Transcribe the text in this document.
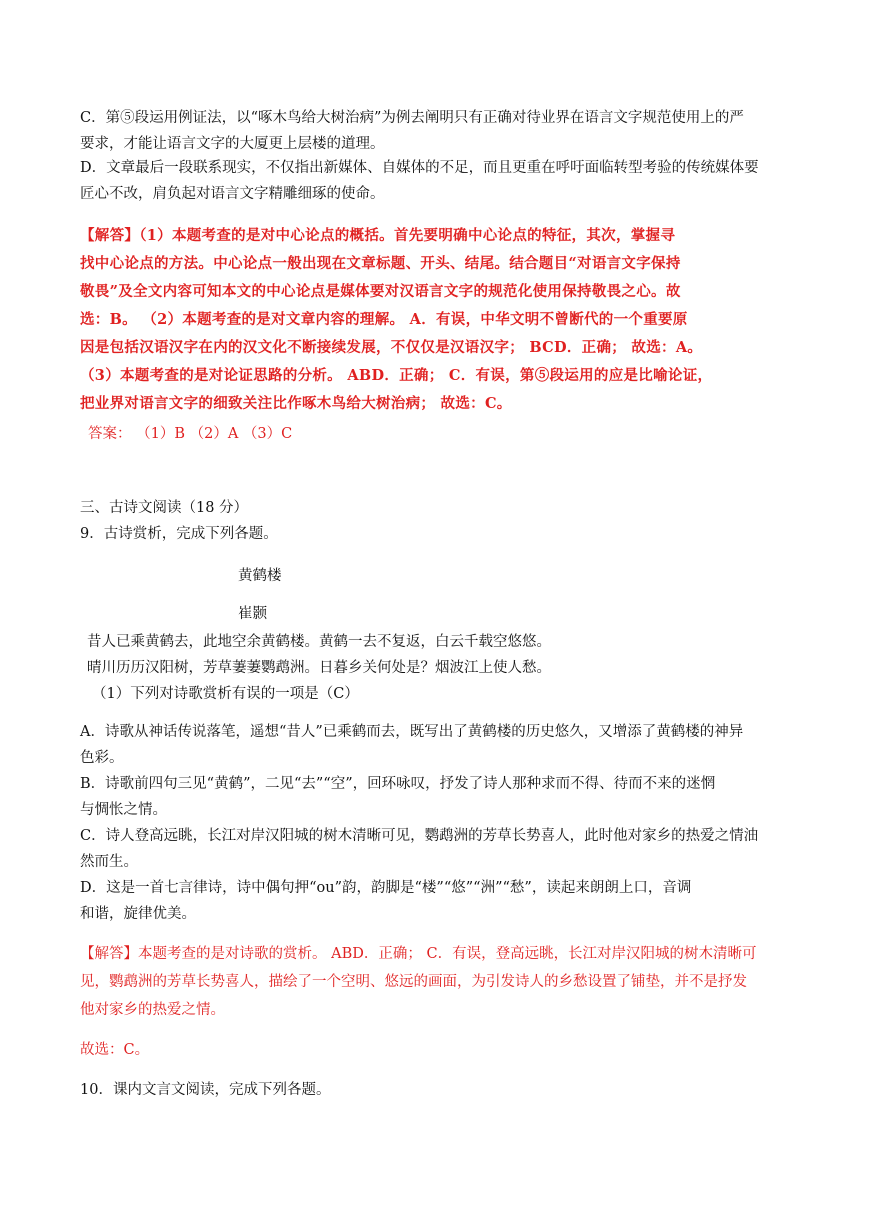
C．第⑤段运用例证法，以“啄木鸟给大树治病”为例去阐明只有正确对待业界在语言文字规范使用上的严
要求，才能让语言文字的大厦更上层楼的道理。
D．文章最后一段联系现实，不仅指出新媒体、自媒体的不足，而且更重在呼吁面临转型考验的传统媒体要
匠心不改，肩负起对语言文字精雕细琢的使命。
【解答】（1）本题考查的是对中心论点的概括。首先要明确中心论点的特征，其次，掌握寻
找中心论点的方法。中心论点一般出现在文章标题、开头、结尾。结合题目“对语言文字保持
敬畏”及全文内容可知本文的中心论点是媒体要对汉语言文字的规范化使用保持敬畏之心。故
选：B。 （2）本题考查的是对文章内容的理解。 A．有误，中华文明不曾断代的一个重要原
因是包括汉语汉字在内的汉文化不断接续发展，不仅仅是汉语汉字； BCD．正确； 故选：A。
（3）本题考查的是对论证思路的分析。 ABD．正确； C．有误，第⑤段运用的应是比喻论证，
把业界对语言文字的细致关注比作啄木鸟给大树治病； 故选：C。
答案： （1）B （2）A （3）C
三、古诗文阅读（18 分）
9．古诗赏析，完成下列各题。
黄鹤楼
崔颢
昔人已乘黄鹤去，此地空余黄鹤楼。黄鹤一去不复返，白云千载空悠悠。
晴川历历汉阳树，芳草萋萋鹦鹉洲。日暮乡关何处是？烟波江上使人愁。
（1）下列对诗歌赏析有误的一项是（C）
A．诗歌从神话传说落笔，遥想“昔人”已乘鹤而去，既写出了黄鹤楼的历史悠久，又增添了黄鹤楼的神异
色彩。
B．诗歌前四句三见“黄鹤”，二见“去”“空”，回环咏叹，抒发了诗人那种求而不得、待而不来的迷惘
与惆怅之情。
C．诗人登高远眺，长江对岸汉阳城的树木清晰可见，鹦鹉洲的芳草长势喜人，此时他对家乡的热爱之情油
然而生。
D．这是一首七言律诗，诗中偶句押“ou”韵，韵脚是“楼”“悠”“洲”“愁”，读起来朗朗上口，音调
和谐，旋律优美。
【解答】本题考查的是对诗歌的赏析。 ABD．正确； C．有误，登高远眺，长江对岸汉阳城的树木清晰可
见，鹦鹉洲的芳草长势喜人，描绘了一个空明、悠远的画面，为引发诗人的乡愁设置了铺垫，并不是抒发
他对家乡的热爱之情。
故选：C。
10．课内文言文阅读，完成下列各题。
